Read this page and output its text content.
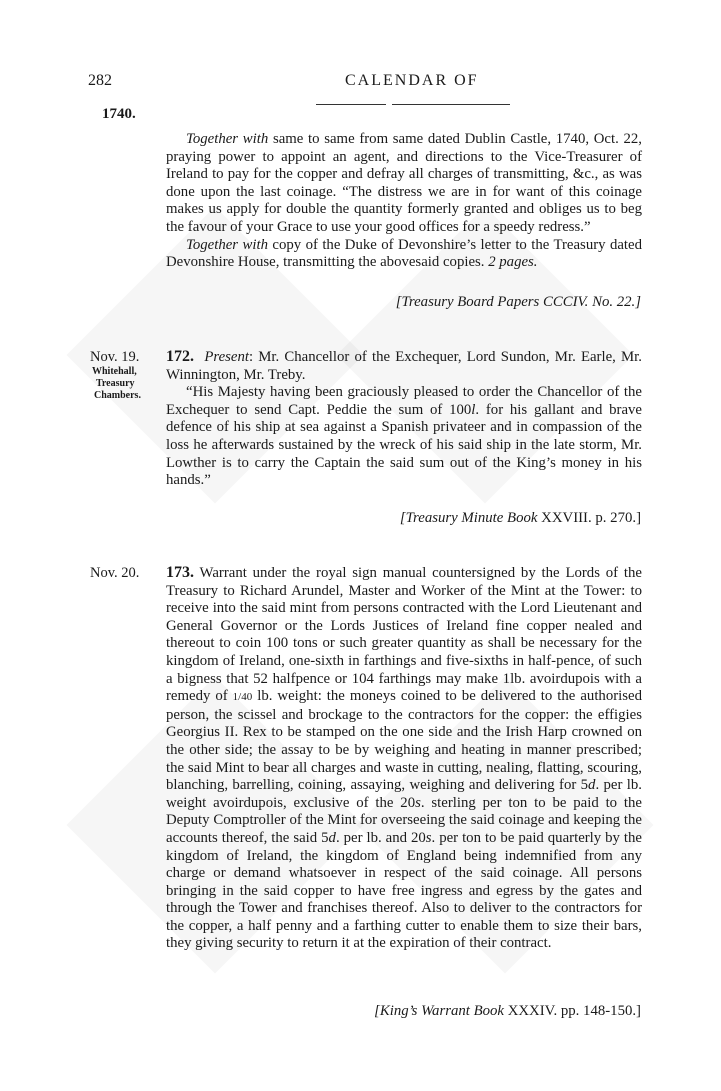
282	CALENDAR OF
1740.

Together with same to same from same dated Dublin Castle, 1740, Oct. 22, praying power to appoint an agent, and directions to the Vice-Treasurer of Ireland to pay for the copper and defray all charges of transmitting, &c., as was done upon the last coinage. “The distress we are in for want of this coinage makes us apply for double the quantity formerly granted and obliges us to beg the favour of your Grace to use your good offices for a speedy redress.”

Together with copy of the Duke of Devonshire’s letter to the Treasury dated Devonshire House, transmitting the abovesaid copies. 2 pages.

[Treasury Board Papers CCCIV. No. 22.]
Nov. 19.
Whitehall,
Treasury
Chambers.

172. Present: Mr. Chancellor of the Exchequer, Lord Sundon, Mr. Earle, Mr. Winnington, Mr. Treby.

“His Majesty having been graciously pleased to order the Chancellor of the Exchequer to send Capt. Peddie the sum of 100l. for his gallant and brave defence of his ship at sea against a Spanish privateer and in compassion of the loss he afterwards sustained by the wreck of his said ship in the late storm, Mr. Lowther is to carry the Captain the said sum out of the King’s money in his hands.”

[Treasury Minute Book XXVIII. p. 270.]
Nov. 20. 173. Warrant under the royal sign manual countersigned by the Lords of the Treasury to Richard Arundel, Master and Worker of the Mint at the Tower: to receive into the said mint from persons contracted with the Lord Lieutenant and General Governor or the Lords Justices of Ireland fine copper nealed and thereout to coin 100 tons or such greater quantity as shall be necessary for the kingdom of Ireland, one-sixth in farthings and five-sixths in half-pence, of such a bigness that 52 halfpence or 104 farthings may make 1lb. avoirdupois with a remedy of 1/40 lb. weight: the moneys coined to be delivered to the authorised person, the scissel and brockage to the contractors for the copper: the effigies Georgius II. Rex to be stamped on the one side and the Irish Harp crowned on the other side; the assay to be by weighing and heating in manner prescribed; the said Mint to bear all charges and waste in cutting, nealing, flatting, scouring, blanching, barrelling, coining, assaying, weighing and delivering for 5d. per lb. weight avoirdupois, exclusive of the 20s. sterling per ton to be paid to the Deputy Comptroller of the Mint for overseeing the said coinage and keeping the accounts thereof, the said 5d. per lb. and 20s. per ton to be paid quarterly by the kingdom of Ireland, the kingdom of England being indemnified from any charge or demand whatsoever in respect of the said coinage. All persons bringing in the said copper to have free ingress and egress by the gates and through the Tower and franchises thereof. Also to deliver to the contractors for the copper, a half penny and a farthing cutter to enable them to size their bars, they giving security to return it at the expiration of their contract.

[King’s Warrant Book XXXIV. pp. 148-150.]
